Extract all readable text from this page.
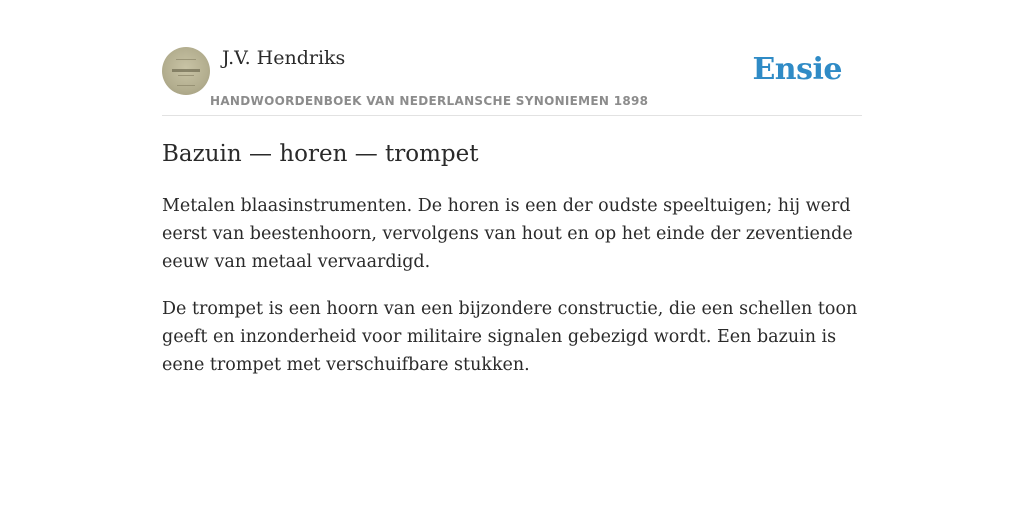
J.V. Hendriks
HANDWOORDENBOEK VAN NEDERLANSCHE SYNONIEMEN 1898
Ensie
Bazuin — horen — trompet

Metalen blaasinstrumenten. De horen is een der oudste speeltuigen; hij werd eerst van beestenhoorn, vervolgens van hout en op het einde der zeventiende eeuw van metaal vervaardigd.

De trompet is een hoorn van een bijzondere constructie, die een schellen toon geeft en inzonderheid voor militaire signalen gebezigd wordt. Een bazuin is eene trompet met verschuifbare stukken.
